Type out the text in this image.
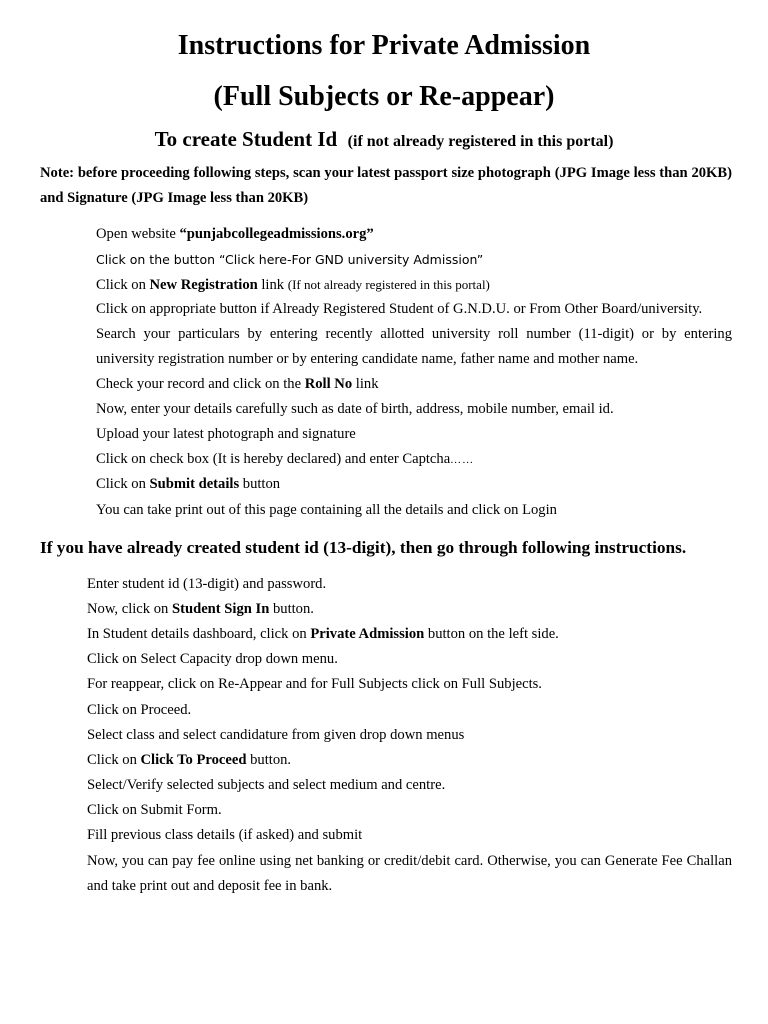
Instructions for Private Admission
(Full Subjects or Re-appear)
To create Student Id (if not already registered in this portal)

Note: before proceeding following steps, scan your latest passport size photograph (JPG Image less than 20KB) and Signature (JPG Image less than 20KB)

Open website “punjabcollegeadmissions.org”
Click on the button “Click here-For GND university Admission”
Click on New Registration link (If not already registered in this portal)
Click on appropriate button if Already Registered Student of G.N.D.U. or From Other Board/university.
Search your particulars by entering recently allotted university roll number (11-digit) or by entering university registration number or by entering candidate name, father name and mother name.
Check your record and click on the Roll No link
Now, enter your details carefully such as date of birth, address, mobile number, email id.
Upload your latest photograph and signature
Click on check box (It is hereby declared) and enter Captcha……
Click on Submit details button
You can take print out of this page containing all the details and click on Login
If you have already created student id (13-digit), then go through following instructions.
Enter student id (13-digit) and password.
Now, click on Student Sign In button.
In Student details dashboard, click on Private Admission button on the left side.
Click on Select Capacity drop down menu.
For reappear, click on Re-Appear and for Full Subjects click on Full Subjects.
Click on Proceed.
Select class and select candidature from given drop down menus
Click on Click To Proceed button.
Select/Verify selected subjects and select medium and centre.
Click on Submit Form.
Fill previous class details (if asked) and submit
Now, you can pay fee online using net banking or credit/debit card. Otherwise, you can Generate Fee Challan and take print out and deposit fee in bank.
